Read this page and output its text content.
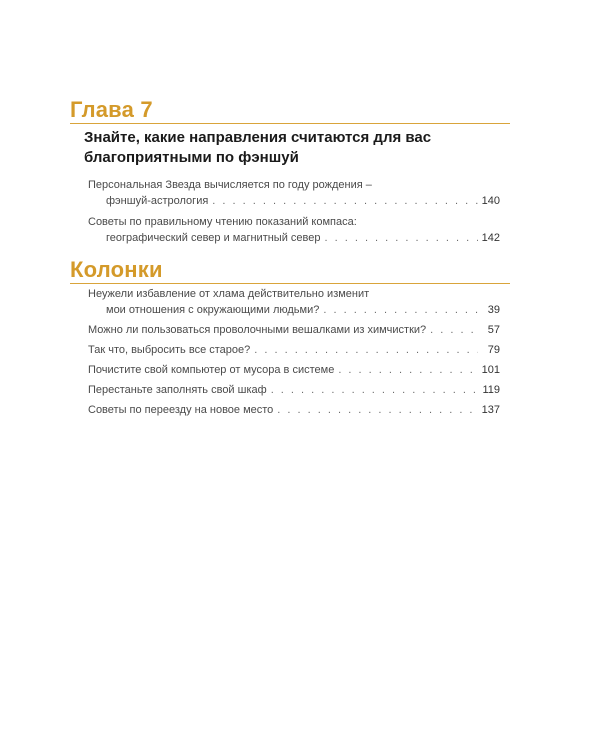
Глава 7
Знайте, какие направления считаются для вас благоприятными по фэншуй
Персональная Звезда вычисляется по году рождения –
фэншуй-астрология . . .	140
Советы по правильному чтению показаний компаса:
географический север и магнитный север . . .	142
Колонки
Неужели избавление от хлама действительно изменит
мои отношения с окружающими людьми? . . .	39
Можно ли пользоваться проволочными вешалками из химчистки? . . .	57
Так что, выбросить все старое? . . .	79
Почистите свой компьютер от мусора в системе . . .	101
Перестаньте заполнять свой шкаф . . .	119
Советы по переезду на новое место . . .	137
